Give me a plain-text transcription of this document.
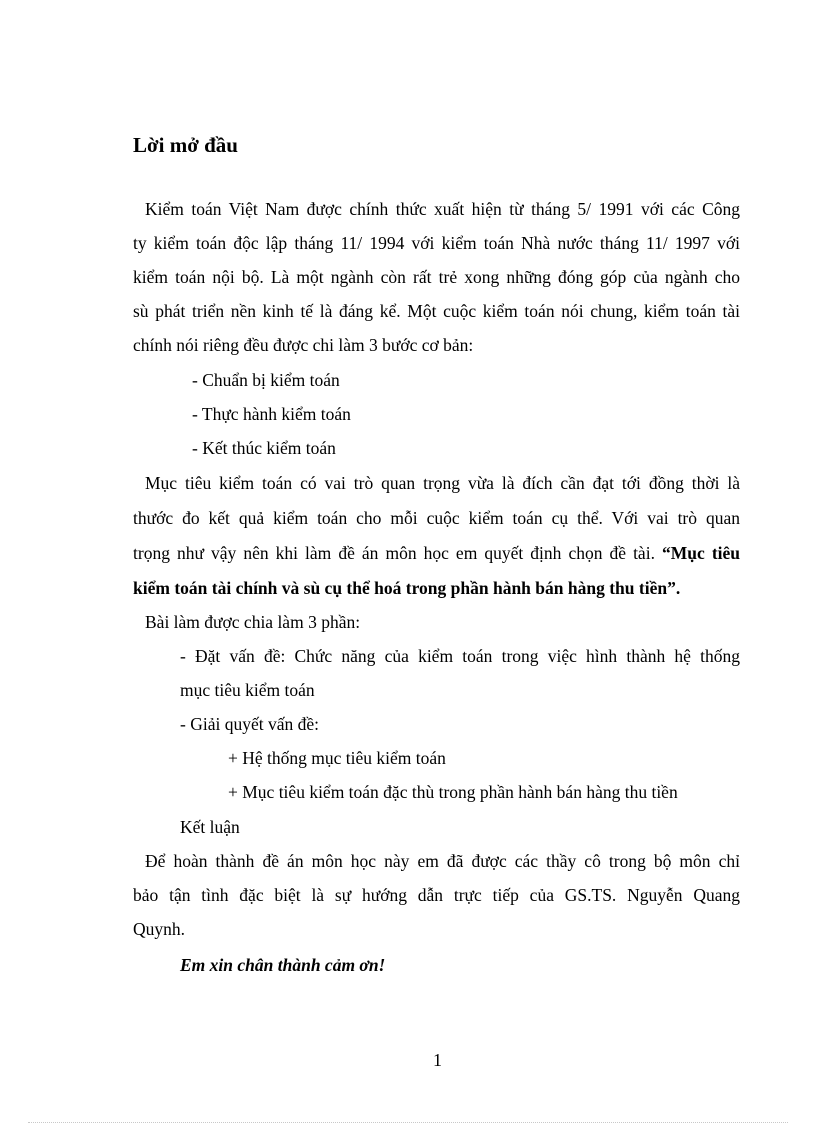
Lời mở đầu
Kiểm toán Việt Nam được chính thức xuất hiện từ tháng 5/ 1991 với các Công
ty kiểm toán độc lập tháng 11/ 1994 với kiểm toán Nhà nước tháng 11/ 1997 với
kiểm toán nội bộ. Là một ngành còn rất trẻ xong những đóng góp của ngành cho
sù phát triển nền kinh tế là đáng kể. Một cuộc kiểm toán nói chung, kiểm toán tài
chính nói riêng đều được chi làm 3 bước cơ bản:
- Chuẩn bị kiểm toán
- Thực hành kiểm toán
- Kết thúc kiểm toán
Mục tiêu kiểm toán có vai trò quan trọng vừa là đích cần đạt tới đồng thời là
thước đo kết quả kiểm toán cho mỗi cuộc kiểm toán cụ thể. Với vai trò quan
trọng như vậy nên khi làm đề án môn học em quyết định chọn đề tài. “Mục tiêu
kiểm toán tài chính và sù cụ thể hoá trong phần hành bán hàng thu tiền”.
Bài làm được chia làm 3 phần:
- Đặt vấn đề: Chức năng của kiểm toán trong việc hình thành hệ thống
mục tiêu kiểm toán
- Giải quyết vấn đề:
+ Hệ thống mục tiêu kiểm toán
+ Mục tiêu kiểm toán đặc thù trong phần hành bán hàng thu tiền
Kết luận
Để hoàn thành đề án môn học này em đã được các thầy cô trong bộ môn chỉ
bảo tận tình đặc biệt là sự hướng dẫn trực tiếp của GS.TS. Nguyễn Quang
Quynh.
Em xin chân thành cảm ơn!
1
